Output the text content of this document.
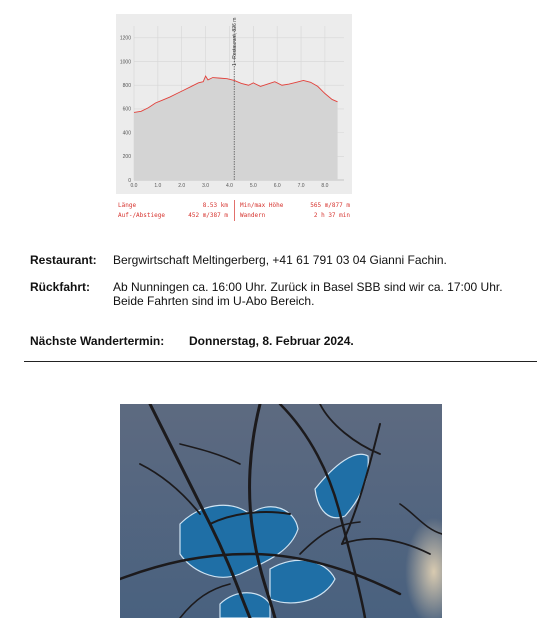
1 - Restaurant, 826 m
1200
1000
800
600
400
200
0
0.0	1.0	2.0	3.0	4.0	5.0	6.0	7.0	8.0
Länge	8.53 km Min/max Höhe	565 m/877 m
Auf-/Abstiege	452 m/387 m Wandern	2 h 37 min
Restaurant: Bergwirtschaft Meltingerberg, +41 61 791 03 04 Gianni Fachin.
Rückfahrt: Ab Nunningen ca. 16:00 Uhr. Zurück in Basel SBB sind wir ca. 17:00 Uhr.
Beide Fahrten sind im U-Abo Bereich.
Nächste Wandertermin: Donnerstag, 8. Februar 2024.
